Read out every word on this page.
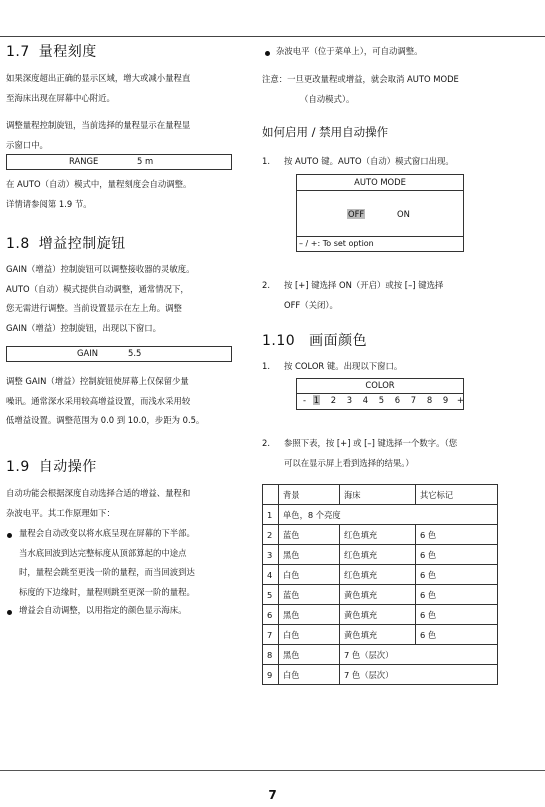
1.7 量程刻度
如果深度超出正确的显示区域，增大或减小量程直
至海床出现在屏幕中心附近。
调整量程控制旋钮，当前选择的量程显示在量程显
示窗口中。
RANGE	5 m
在 AUTO（自动）模式中，量程刻度会自动调整。
详情请参阅第 1.9 节。
1.8 增益控制旋钮
GAIN（增益）控制旋钮可以调整接收器的灵敏度。
AUTO（自动）模式提供自动调整，通常情况下，
您无需进行调整。当前设置显示在左上角。调整
GAIN（增益）控制旋钮，出现以下窗口。
GAIN	5.5
调整 GAIN（增益）控制旋钮使屏幕上仅保留少量
噪讯。通常深水采用较高增益设置，而浅水采用较
低增益设置。调整范围为 0.0 到 10.0，步距为 0.5。
1.9 自动操作
自动功能会根据深度自动选择合适的增益、量程和
杂波电平。其工作原理如下：
量程会自动改变以将水底呈现在屏幕的下半部。
当水底回波到达完整标度从顶部算起的中途点
时，量程会跳至更浅一阶的量程，而当回波到达
标度的下边缘时，量程则跳至更深一阶的量程。
增益会自动调整，以用指定的颜色显示海床。
杂波电平（位于菜单上），可自动调整。
注意：一旦更改量程或增益，就会取消 AUTO MODE
（自动模式）。
如何启用 / 禁用自动操作
1. 按 AUTO 键。AUTO（自动）模式窗口出现。
AUTO MODE
OFF	ON
– / +: To set option
2. 按 [+] 键选择 ON（开启）或按 [–] 键选择
OFF（关闭）。
1.10 画面颜色
1. 按 COLOR 键。出现以下窗口。
COLOR
- 1 2 3 4 5 6 7 8 9 +
2. 参照下表，按 [+] 或 [–] 键选择一个数字。（您
可以在显示屏上看到选择的结果。）
	背景	海床	其它标记
1	单色，8 个亮度		
2	蓝色	红色填充	6 色
3	黑色	红色填充	6 色
4	白色	红色填充	6 色
5	蓝色	黄色填充	6 色
6	黑色	黄色填充	6 色
7	白色	黄色填充	6 色
8	黑色	7 色（层次）	
9	白色	7 色（层次）	
7
